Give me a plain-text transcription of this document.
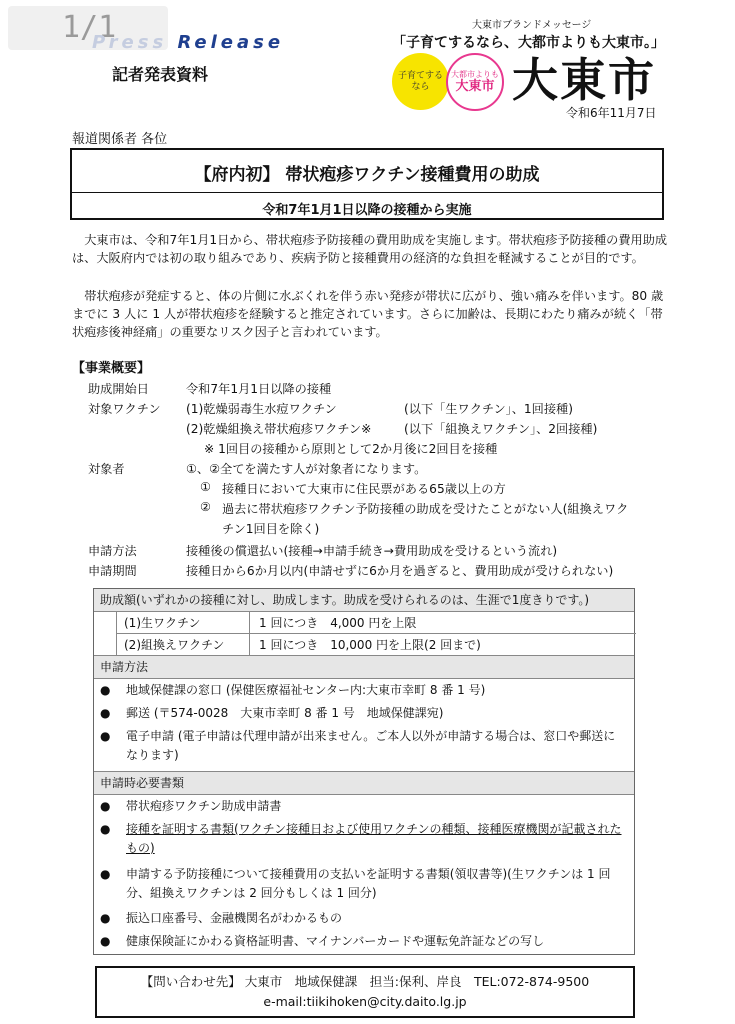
1/1
Press Release
記者発表資料
大東市ブランドメッセージ
「子育てするなら、大都市よりも大東市。」
子育てするなら
大都市よりも
大東市 大東市
令和6年11月7日
報道関係者 各位
【府内初】 帯状疱疹ワクチン接種費用の助成
令和7年1月1日以降の接種から実施
大東市は、令和7年1月1日から、帯状疱疹予防接種の費用助成を実施します。帯状疱疹予防接種の費用助成は、大阪府内では初の取り組みであり、疾病予防と接種費用の経済的な負担を軽減することが目的です。
帯状疱疹が発症すると、体の片側に水ぶくれを伴う赤い発疹が帯状に広がり、強い痛みを伴います。80 歳までに 3 人に 1 人が帯状疱疹を経験すると推定されています。さらに加齢は、長期にわたり痛みが続く「帯状疱疹後神経痛」の重要なリスク因子と言われています。
【事業概要】
助成開始日	令和7年1月1日以降の接種
対象ワクチン (1)乾燥弱毒生水痘ワクチン	(以下「生ワクチン」、1回接種)
(2)乾燥組換え帯状疱疹ワクチン※	(以下「組換えワクチン」、2回接種)
※ 1回目の接種から原則として2か月後に2回目を接種
対象者	①、②全てを満たす人が対象者になります。
① 接種日において大東市に住民票がある65歳以上の方
② 過去に帯状疱疹ワクチン予防接種の助成を受けたことがない人(組換えワク
チン1回目を除く)
申請方法	接種後の償還払い(接種→申請手続き→費用助成を受けるという流れ)
申請期間	接種日から6か月以内(申請せずに6か月を過ぎると、費用助成が受けられない)
助成額(いずれかの接種に対し、助成します。助成を受けられるのは、生涯で1度きりです。)
(1)生ワクチン	1 回につき　4,000 円を上限
(2)組換えワクチン	1 回につき　10,000 円を上限(2 回まで)
申請方法
● 地域保健課の窓口 (保健医療福祉センター内:大東市幸町 8 番 1 号)
● 郵送 (〒574-0028　大東市幸町 8 番 1 号　地域保健課宛)
● 電子申請 (電子申請は代理申請が出来ません。ご本人以外が申請する場合は、窓口や郵送になります)
申請時必要書類
● 帯状疱疹ワクチン助成申請書
● 接種を証明する書類(ワクチン接種日および使用ワクチンの種類、接種医療機関が記載されたもの)
● 申請する予防接種について接種費用の支払いを証明する書類(領収書等)(生ワクチンは 1 回分、組換えワクチンは 2 回分もしくは 1 回分)
● 振込口座番号、金融機関名がわかるもの
● 健康保険証にかわる資格証明書、マイナンバーカードや運転免許証などの写し
【問い合わせ先】 大東市　地域保健課　担当:保利、岸良　TEL:072-874-9500
e-mail:tiikihoken@city.daito.lg.jp
